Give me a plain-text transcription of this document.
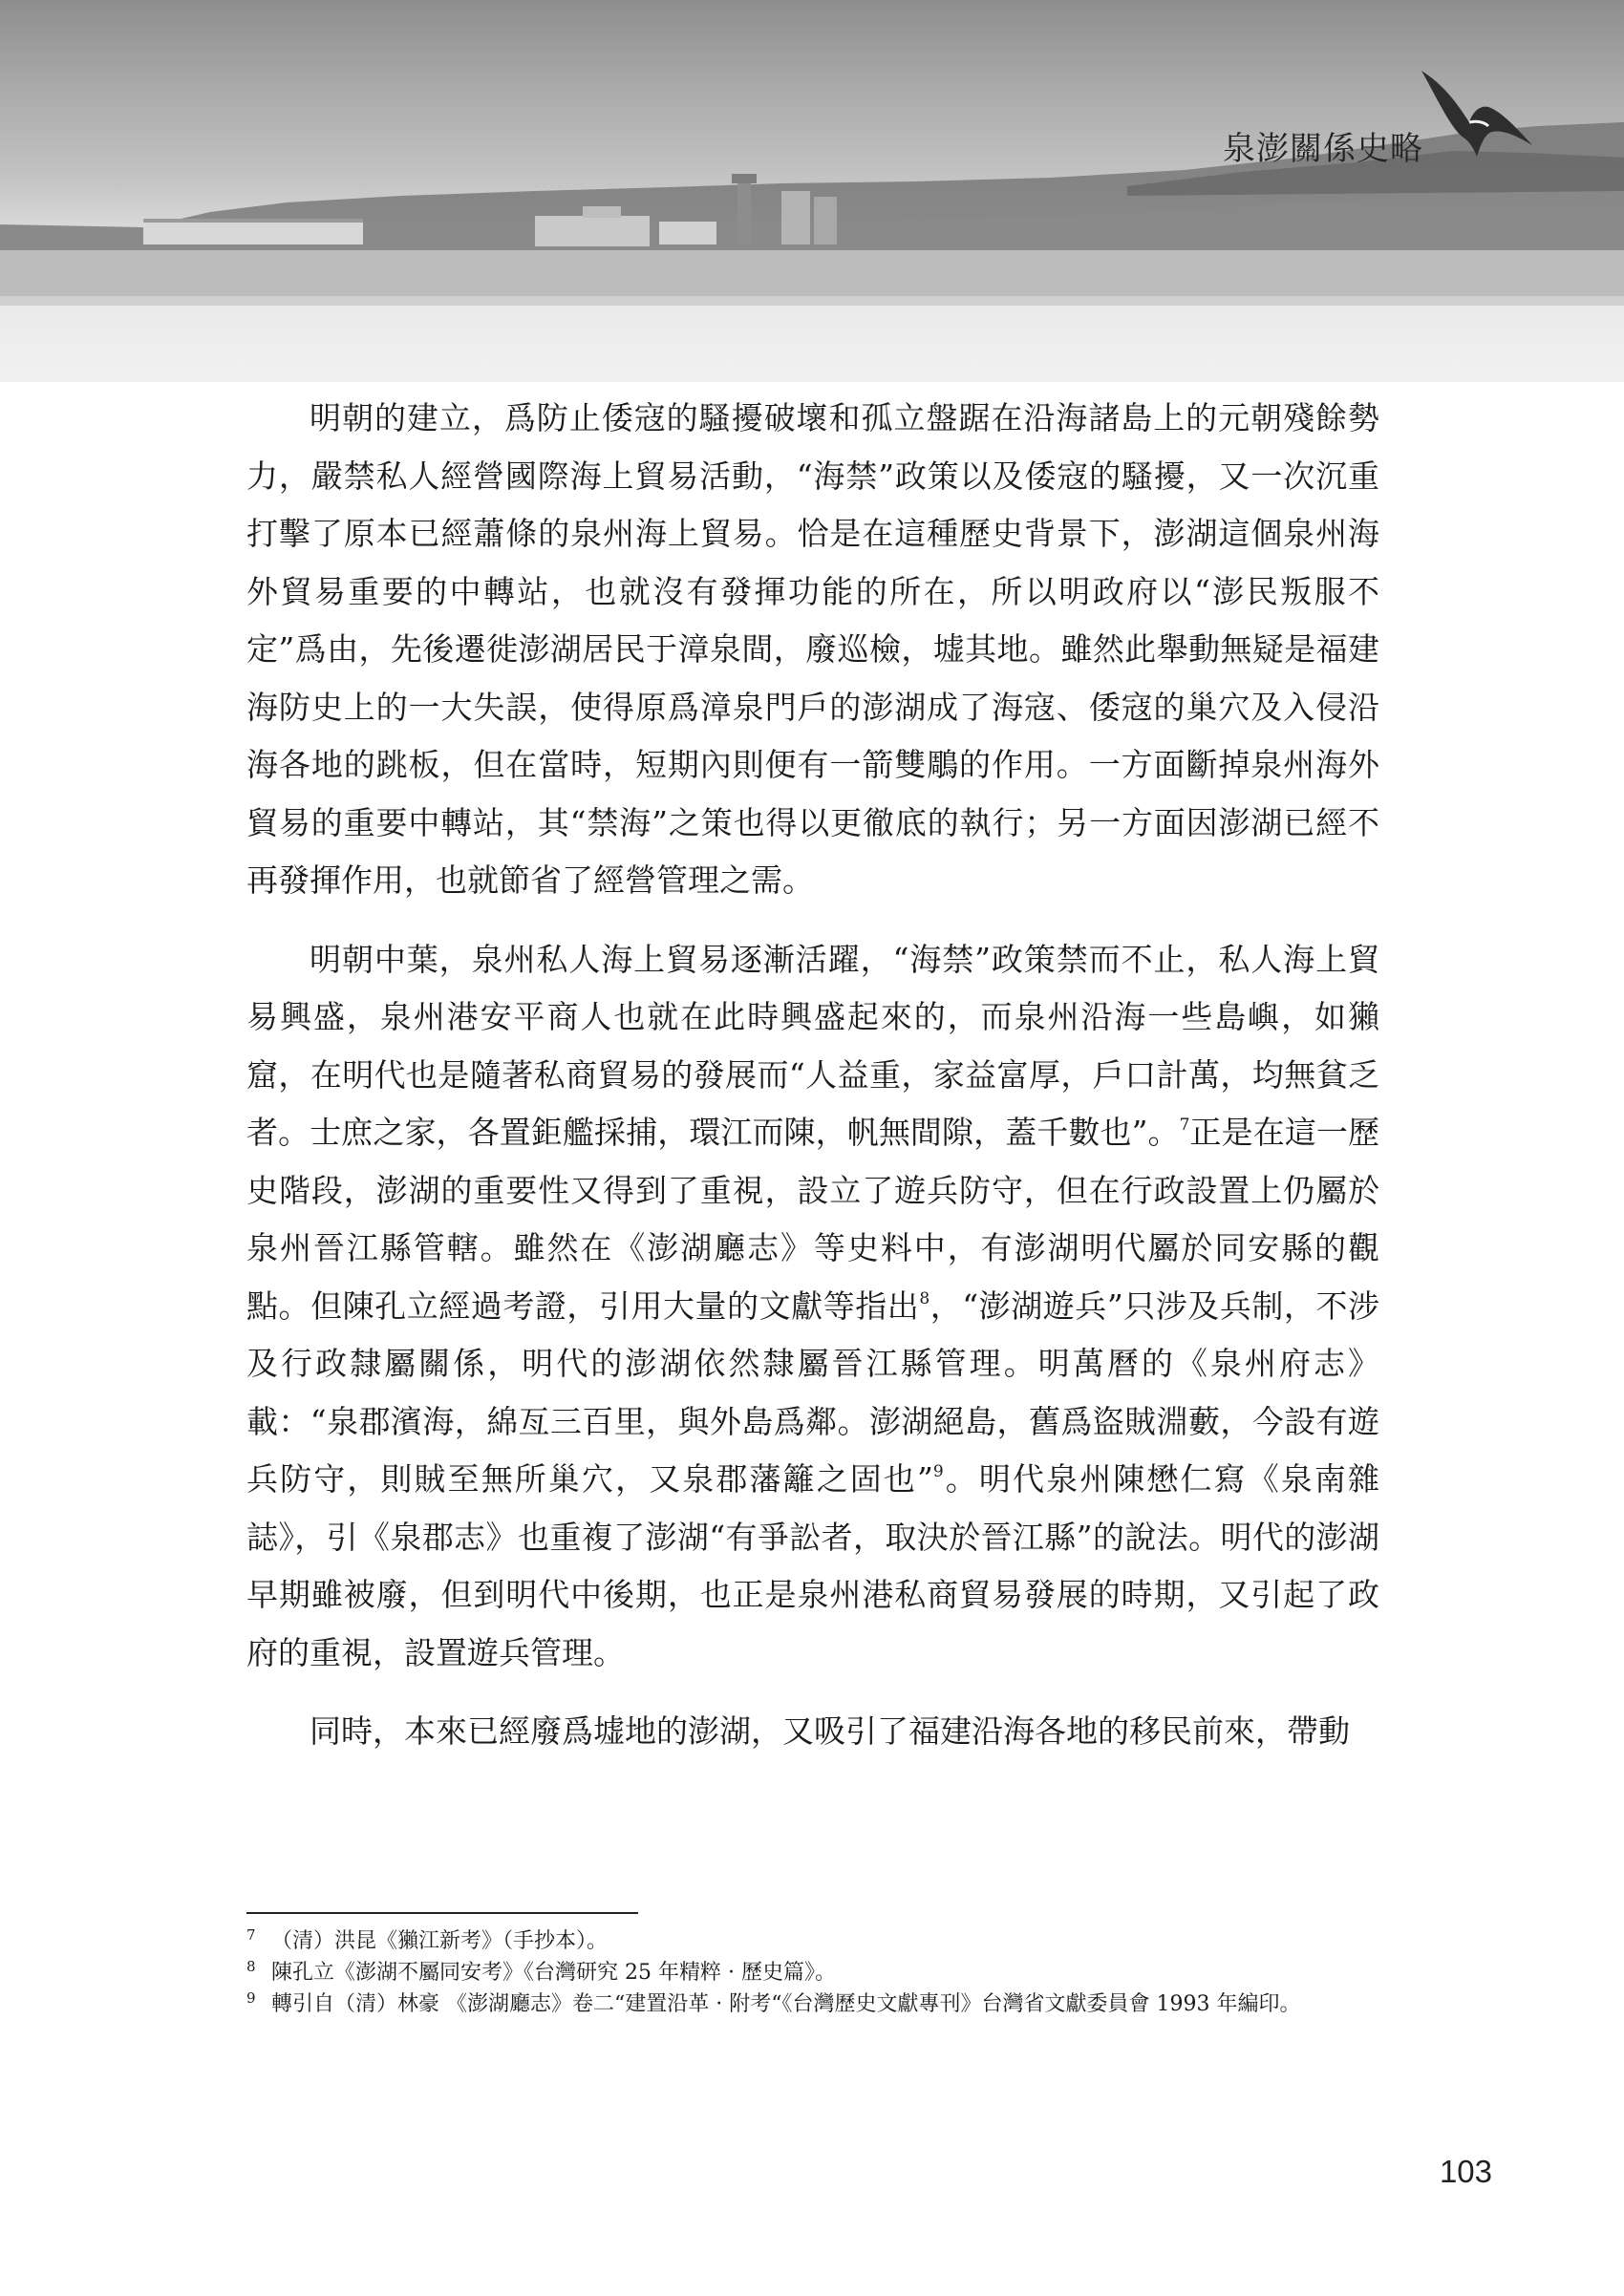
泉澎關係史略

明朝的建立，爲防止倭寇的騷擾破壞和孤立盤踞在沿海諸島上的元朝殘餘勢力，嚴禁私人經營國際海上貿易活動，“海禁”政策以及倭寇的騷擾，又一次沉重打擊了原本已經蕭條的泉州海上貿易。恰是在這種歷史背景下，澎湖這個泉州海外貿易重要的中轉站，也就沒有發揮功能的所在，所以明政府以“澎民叛服不定”爲由，先後遷徙澎湖居民于漳泉間，廢巡檢，墟其地。雖然此舉動無疑是福建海防史上的一大失誤，使得原爲漳泉門戶的澎湖成了海寇、倭寇的巢穴及入侵沿海各地的跳板，但在當時，短期內則便有一箭雙鵰的作用。一方面斷掉泉州海外貿易的重要中轉站，其“禁海”之策也得以更徹底的執行；另一方面因澎湖已經不再發揮作用，也就節省了經營管理之需。

明朝中葉，泉州私人海上貿易逐漸活躍，“海禁”政策禁而不止，私人海上貿易興盛，泉州港安平商人也就在此時興盛起來的，而泉州沿海一些島嶼，如獺窟，在明代也是隨著私商貿易的發展而“人益重，家益富厚，戶口計萬，均無貧乏者。士庶之家，各置鉅艦採捕，環江而陳，帆無間隙，蓋千數也”。$^7$正是在這一歷史階段，澎湖的重要性又得到了重視，設立了遊兵防守，但在行政設置上仍屬於泉州晉江縣管轄。雖然在《澎湖廳志》等史料中，有澎湖明代屬於同安縣的觀點。但陳孔立經過考證，引用大量的文獻等指出$^8$，“澎湖遊兵”只涉及兵制，不涉及行政隸屬關係，明代的澎湖依然隸屬晉江縣管理。明萬曆的《泉州府志》載：“泉郡濱海，綿亙三百里，與外島爲鄰。澎湖絕島，舊爲盜賊淵藪，今設有遊兵防守，則賊至無所巢穴，又泉郡藩籬之固也”$^9$。明代泉州陳懋仁寫《泉南雜誌》，引《泉郡志》也重複了澎湖“有爭訟者，取決於晉江縣”的說法。明代的澎湖早期雖被廢，但到明代中後期，也正是泉州港私商貿易發展的時期，又引起了政府的重視，設置遊兵管理。

同時，本來已經廢爲墟地的澎湖，又吸引了福建沿海各地的移民前來，帶動

7 （清）洪昆《獺江新考》（手抄本）。

8 陳孔立《澎湖不屬同安考》《台灣研究 25 年精粹 · 歷史篇》。

9 轉引自（清）林豪 《澎湖廳志》卷二“建置沿革 · 附考“《台灣歷史文獻專刊》台灣省文獻委員會 1993 年編印。

103
